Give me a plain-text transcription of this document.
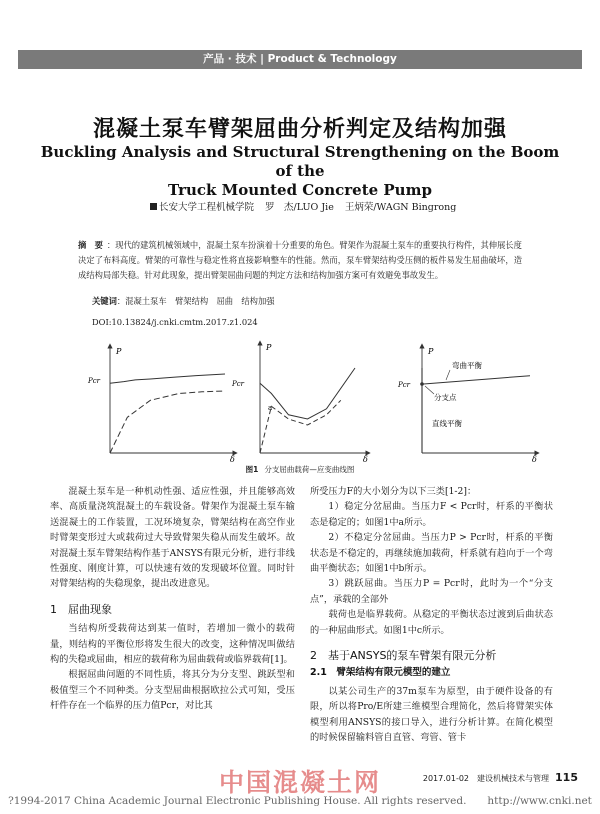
产品 · 技术 | Product & Technology
混凝土泵车臂架屈曲分析判定及结构加强
Buckling Analysis and Structural Strengthening on the Boom of the
Truck Mounted Concrete Pump
长安大学工程机械学院 罗　杰/LUO Jie 王炳荣/WAGN Bingrong
摘　要 ：现代的建筑机械领域中，混凝土泵车扮演着十分重要的角色。臂架作为混凝土泵车的重要执行构件，其伸展长度决定了布料高度。臂架的可靠性与稳定性将直接影响整车的性能。然而，泵车臂架结构受压侧的板件易发生屈曲破坏，造成结构局部失稳。针对此现象，提出臂架屈曲问题的判定方法和结构加强方案可有效避免事故发生。
关键词：混凝土泵车　臂架结构　屈曲　结构加强
DOI:10.13824/j.cnki.cmtm.2017.z1.024
P
δ
Pcr
P
δ
Pcr
a
P
δ
Pcr
弯曲平衡
分支点
直线平衡
图1 分支屈曲载荷—应变曲线图

混凝土泵车是一种机动性强、适应性强，并且能够高效率、高质量浇筑混凝土的车载设备。臂架作为混凝土泵车输送混凝土的工作装置，工况环境复杂，臂架结构在高空作业时臂架变形过大或载荷过大导致臂架失稳从而发生破坏。故对混凝土泵车臂架结构作基于ANSYS有限元分析，进行非线性强度、刚度计算，可以快速有效的发现破坏位置。同时针对臂架结构的失稳现象，提出改进意见。

1　屈曲现象

当结构所受载荷达到某一值时，若增加一微小的载荷量，则结构的平衡位形将发生很大的改变，这种情况叫做结构的失稳或屈曲，相应的载荷称为屈曲载荷或临界载荷[1]。

根据屈曲问题的不同性质，将其分为分支型、跳跃型和极值型三个不同种类。分支型屈曲根据欧拉公式可知，受压杆件存在一个临界的压力值Pcr，对比其

所受压力F的大小划分为以下三类[1-2]：

1）稳定分岔屈曲。当压力F < Pcr时，杆系的平衡状态是稳定的；如图1中a所示。

2）不稳定分岔屈曲。当压力P > Pcr时，杆系的平衡状态是不稳定的，再继续施加载荷，杆系就有趋向于一个弯曲平衡状态；如图1中b所示。

3）跳跃屈曲。当压力P = Pcr时，此时为一个“分支点”，承载的全部外

载荷也是临界载荷。从稳定的平衡状态过渡到后曲状态的一种屈曲形式。如图1中c所示。

2　基于ANSYS的泵车臂架有限元分析
2.1　臂架结构有限元模型的建立

以某公司生产的37m泵车为原型，由于硬件设备的有限，所以将Pro/E所建三维模型合理简化，然后将臂架实体模型利用ANSYS的接口导入，进行分析计算。在简化模型的时候保留输料管自直管、弯管、管卡

中国混凝土网	2017.01-02　建设机械技术与管理 115
?1994-2017 China Academic Journal Electronic Publishing House. All rights reserved.　　http://www.cnki.net
